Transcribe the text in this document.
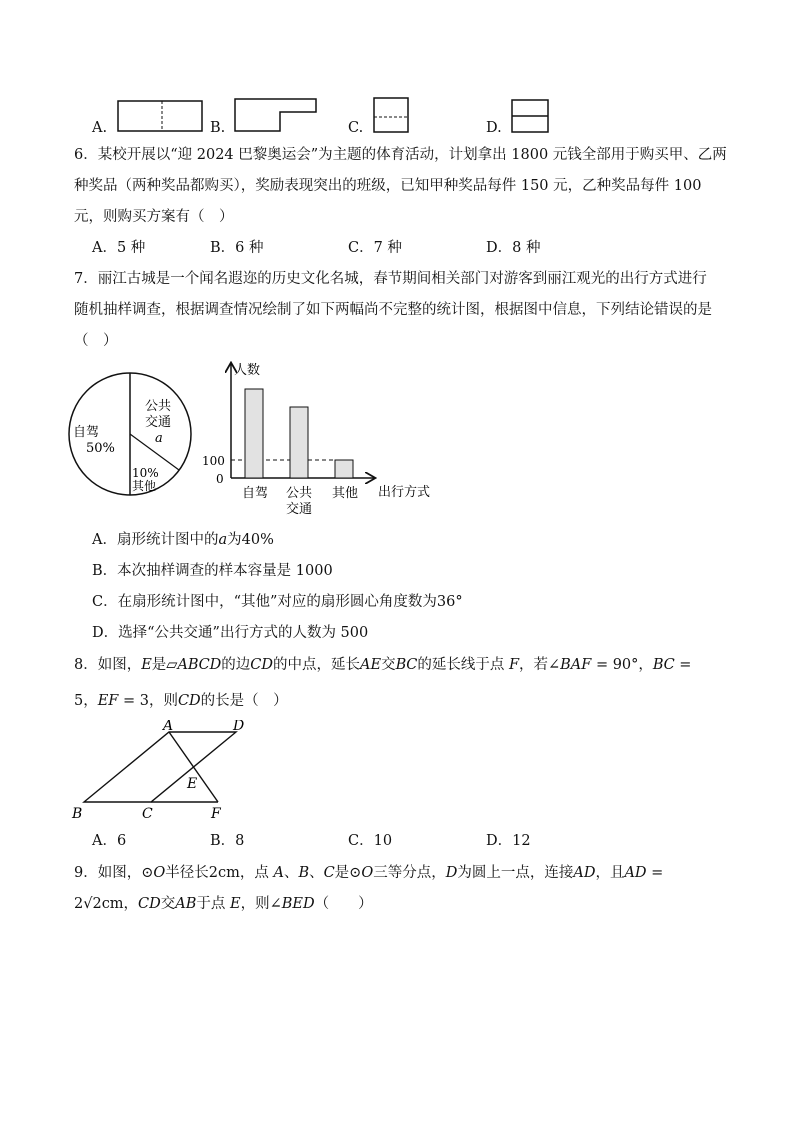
A.	B.	C.	D.
6．某校开展以“迎 2024 巴黎奥运会”为主题的体育活动，计划拿出 1800 元钱全部用于购买甲、乙两
种奖品（两种奖品都购买），奖励表现突出的班级，已知甲种奖品每件 150 元，乙种奖品每件 100
元，则购买方案有（　）
A．5 种	B．6 种	C．7 种	D．8 种
7．丽江古城是一个闻名遐迩的历史文化名城，春节期间相关部门对游客到丽江观光的出行方式进行
随机抽样调查，根据调查情况绘制了如下两幅尚不完整的统计图，根据图中信息，下列结论错误的是
（　）
自驾
50%
公共
交通
a
10%
其他
人数
出行方式
100
0
自驾 公共
交通
其他
A．扇形统计图中的𝑎为40%
B．本次抽样调查的样本容量是 1000
C．在扇形统计图中，“其他”对应的扇形圆心角度数为36°
D．选择“公共交通”出行方式的人数为 500
8．如图，𝐸是▱𝐴𝐵𝐶𝐷的边𝐶𝐷的中点，延长𝐴𝐸交𝐵𝐶的延长线于点 𝐹，若∠𝐵𝐴𝐹 = 90°，𝐵𝐶 =
5，𝐸𝐹 = 3，则𝐶𝐷的长是（　）
A	D
B	C
E
F
A．6	B．8	C．10	D．12
9．如图，⊙𝑂半径长2cm，点 𝐴、𝐵、𝐶是⊙𝑂三等分点，𝐷为圆上一点，连接𝐴𝐷，且𝐴𝐷 =
2√2cm，𝐶𝐷交𝐴𝐵于点 𝐸，则∠𝐵𝐸𝐷（　　）
